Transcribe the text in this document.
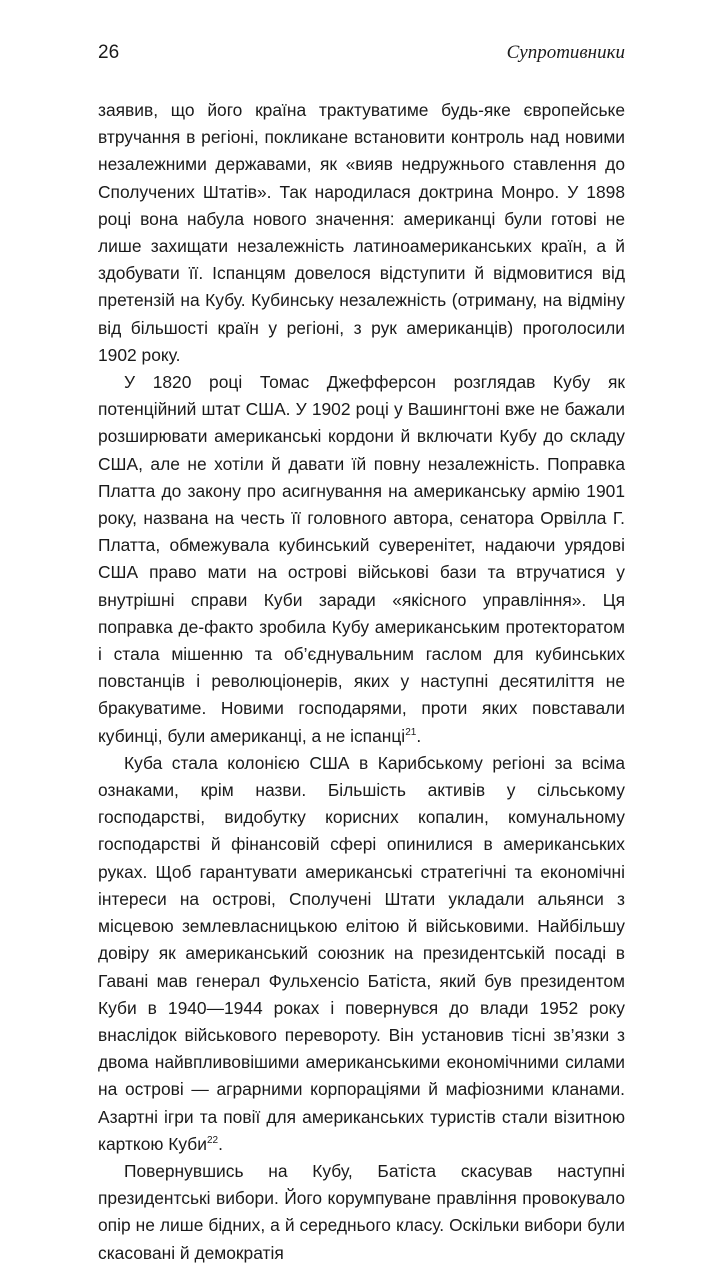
26	Супротивники

заявив, що його країна трактуватиме будь-яке європейське втручання в регіоні, покликане встановити контроль над новими незалежними державами, як «вияв недружнього ставлення до Сполучених Штатів». Так народилася доктрина Монро. У 1898 році вона набула нового значення: американці були готові не лише захищати незалежність латиноамериканських країн, а й здобувати її. Іспанцям довелося відступити й відмовитися від претензій на Кубу. Кубинську незалежність (отриману, на відміну від більшості країн у регіоні, з рук американців) проголосили 1902 року.

У 1820 році Томас Джефферсон розглядав Кубу як потенційний штат США. У 1902 році у Вашингтоні вже не бажали розширювати американські кордони й включати Кубу до складу США, але не хотіли й давати їй повну незалежність. Поправка Платта до закону про асигнування на американську армію 1901 року, названа на честь її головного автора, сенатора Орвілла Г. Платта, обмежувала кубинський суверенітет, надаючи урядові США право мати на острові військові бази та втручатися у внутрішні справи Куби заради «якісного управління». Ця поправка де-факто зробила Кубу американським протекторатом і стала мішенню та об’єднувальним гаслом для кубинських повстанців і революціонерів, яких у наступні десятиліття не бракуватиме. Новими господарями, проти яких повставали кубинці, були американці, а не іспанці$^{21}$.

Куба стала колонією США в Карибському регіоні за всіма ознаками, крім назви. Більшість активів у сільському господарстві, видобутку корисних копалин, комунальному господарстві й фінансовій сфері опинилися в американських руках. Щоб гарантувати американські стратегічні та економічні інтереси на острові, Сполучені Штати укладали альянси з місцевою землевласницькою елітою й військовими. Найбільшу довіру як американський союзник на президентській посаді в Гавані мав генерал Фульхенсіо Батіста, який був президентом Куби в 1940—1944 роках і повернувся до влади 1952 року внаслідок військового перевороту. Він установив тісні зв’язки з двома найвпливовішими американськими економічними силами на острові — аграрними корпораціями й мафіозними кланами. Азартні ігри та повії для американських туристів стали візитною карткою Куби$^{22}$.

Повернувшись на Кубу, Батіста скасував наступні президентські вибори. Його корумпуване правління провокувало опір не лише бідних, а й середнього класу. Оскільки вибори були скасовані й демократія
